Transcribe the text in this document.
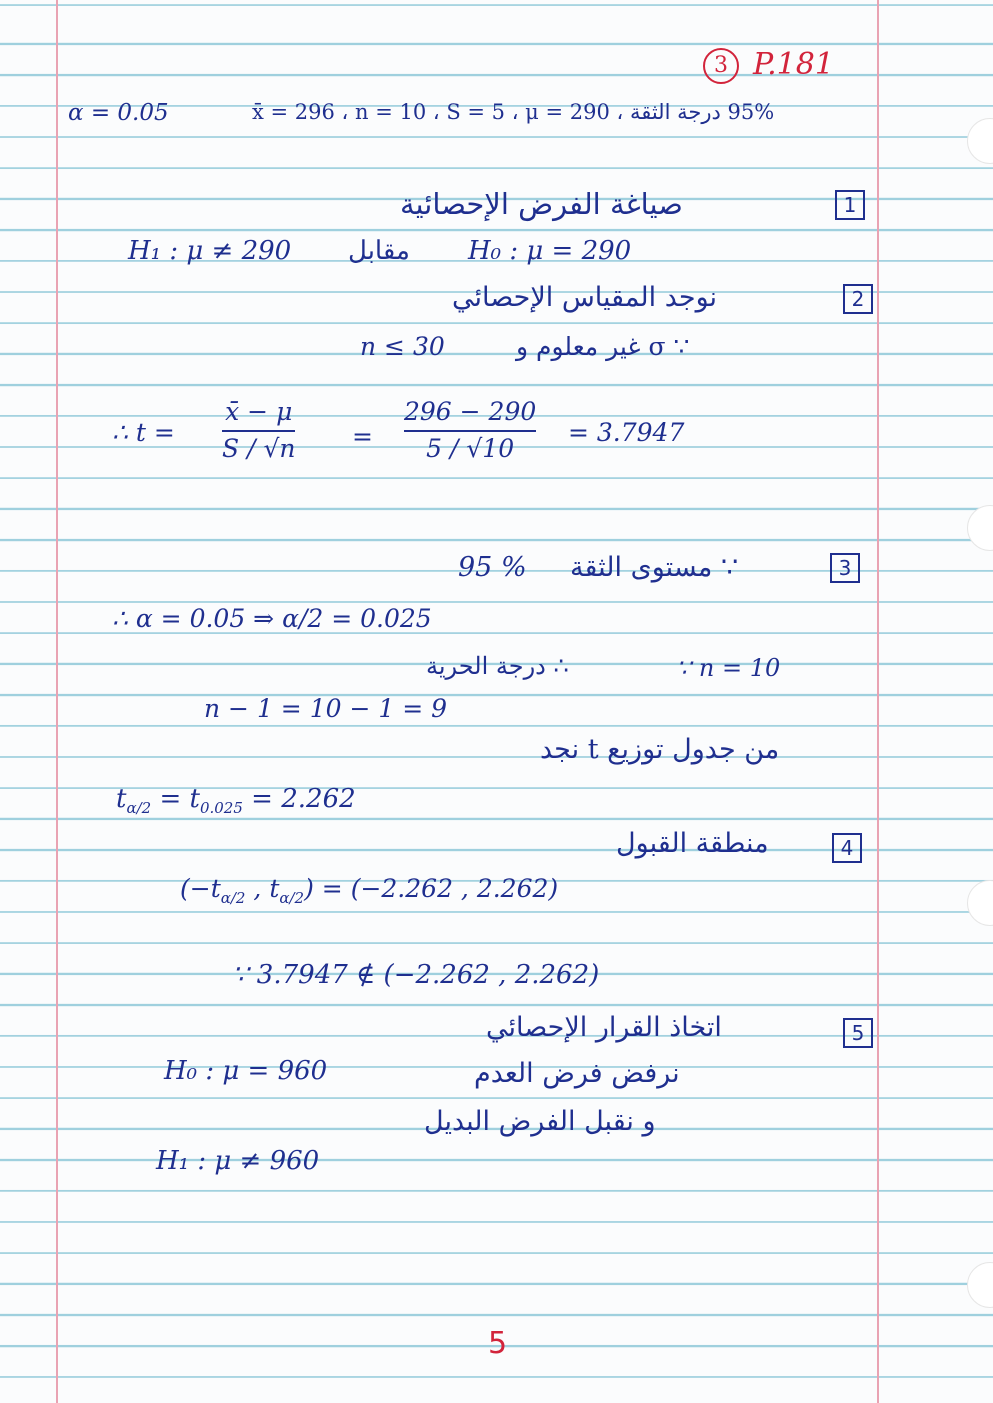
3 P.181
α = 0.05	95% درجة الثقة ، x̄ = 296 ، n = 10 ، S = 5 ، μ = 290
1
صياغة الفرض الإحصائية
H₁ : μ ≠ 290 مقابل H₀ : μ = 290
2
نوجد المقياس الإحصائي
∵ σ غير معلوم و
n ≤ 30
∴ t =
x̄ − μ
S / √n =
296 − 290
5 / √10
= 3.7947
3
∵ مستوى الثقة
95 %
∴ α = 0.05 ⇒ α/2 = 0.025
∵ n = 10
∴ درجة الحرية
n − 1 = 10 − 1 = 9
من جدول توزيع t نجد
$t_{\alpha/2} = t_{0.025} = 2.262$
4
منطقة القبول
($-t_{\alpha/2}$ , $t_{\alpha/2}) = (-2.262$ , 2.262)
∵ 3.7947 ∉ (−2.262 , 2.262)
5
اتخاذ القرار الإحصائي
نرفض فرض العدم
و نقبل الفرض البديل
H₀ : μ = 960
H₁ : μ ≠ 960
5
